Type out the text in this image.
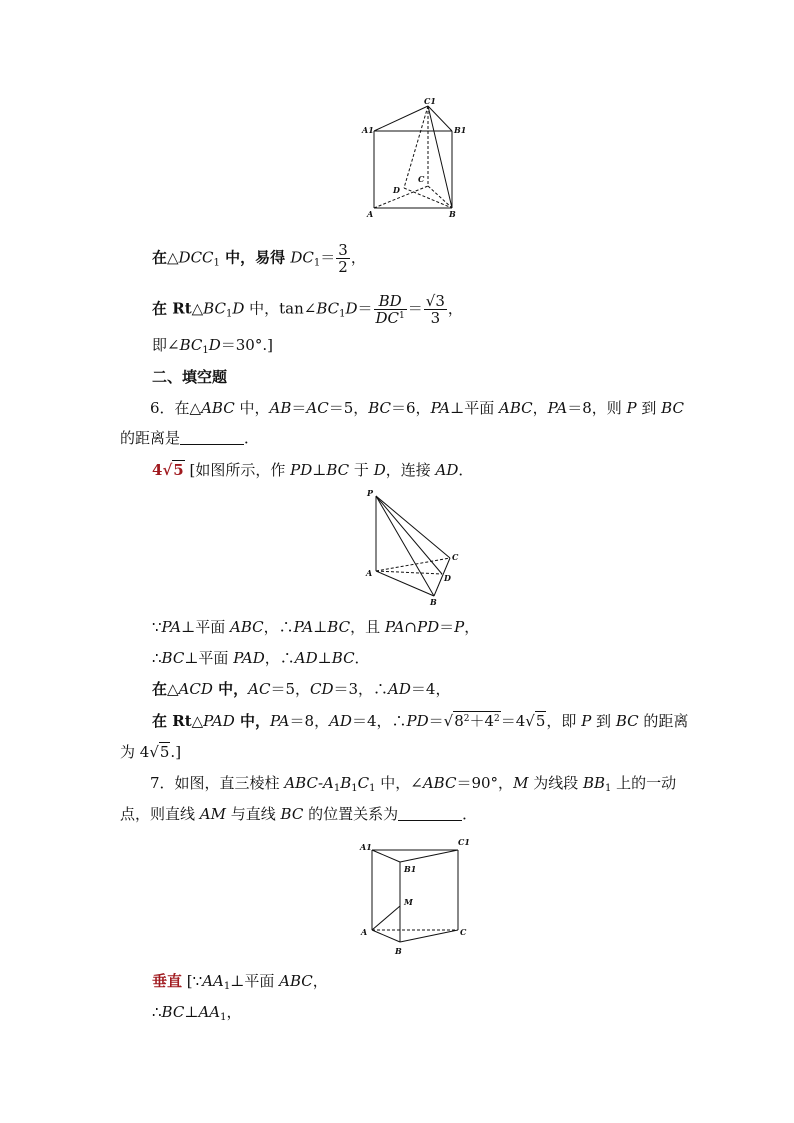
C1
A1	B1
D
C
A	B
在$\triangle DCC_1$ 中，易得 $DC_1= \frac{3}{2}$ ，
在 $Rt\triangle BC_1D$ 中，$\tan\angle BC_1D= \frac{BD}{DC^1} = \frac{√3}{3}$ ，
即$\angle BC_1D=30^\circ$.]
二、填空题
6．在△ABC 中，AB＝AC＝5，BC＝6，PA⊥平面 ABC，PA＝8，则 P 到 BC
的距离是	．
4√5 [如图所示，作 PD⊥BC 于 D，连接 AD．
P
C
A	D
B
∵PA⊥平面 ABC，∴PA⊥BC，且 PA∩PD＝P，
∴BC⊥平面 PAD，∴AD⊥BC．
在△ACD 中，AC＝5，CD＝3，∴AD＝4，
在 Rt△PAD 中，PA＝8，AD＝4，$\therefore PD=√8^2+4^2=4√5$，即 P 到 BC 的距离
为 4√5.]
7．如图，直三棱柱 ABC-$A_1B_1C_1$ 中，∠ABC＝90°，M 为线段 $BB_1$ 上的一动
点，则直线 AM 与直线 BC 的位置关系为	．
A1	C1
B1
M
A	C
B
垂直 [$\because AA_1\perp$平面 ABC，
$\therefore BC\perp AA_1$，
